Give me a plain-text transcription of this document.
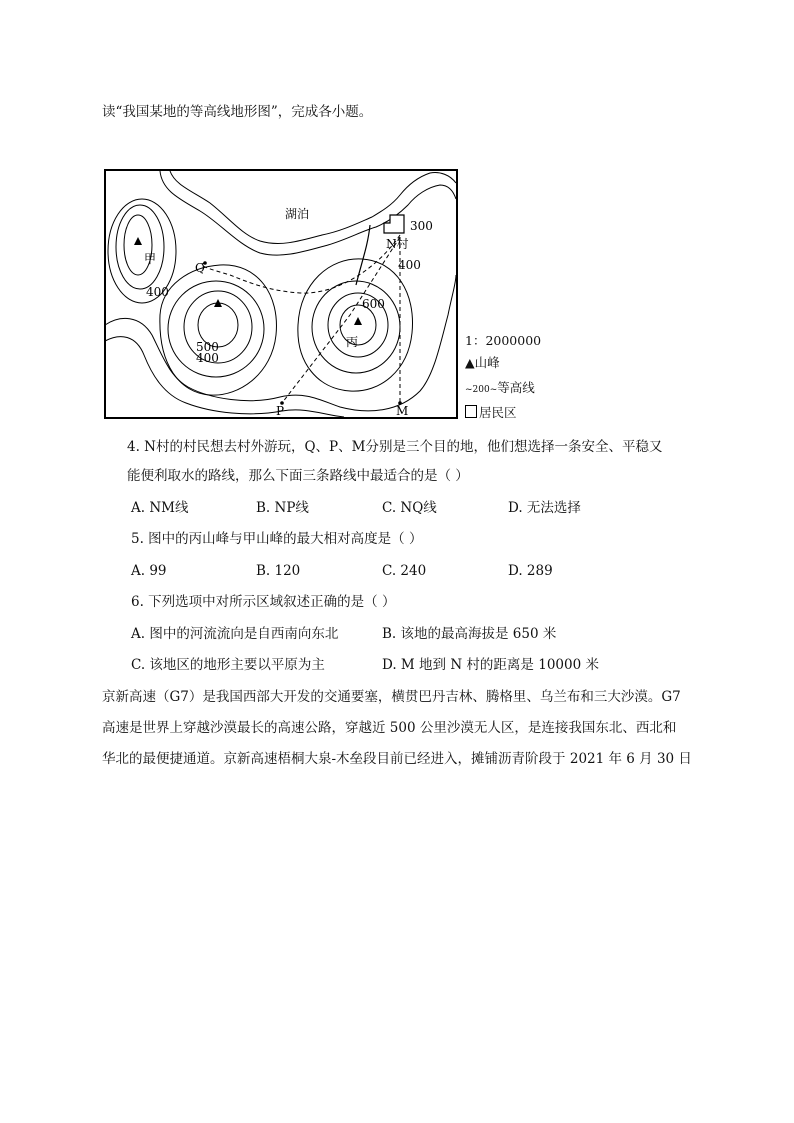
读“我国某地的等高线地形图”，完成各小题。
湖泊
Q
P	M
N村
甲
丙
300
400
400
500
400
600
1：2000000
▲山峰
~200~等高线
居民区
4. N村的村民想去村外游玩，Q、P、M分别是三个目的地，他们想选择一条安全、平稳又
能便利取水的路线，那么下面三条路线中最适合的是（ ）
A. NM线	B. NP线	C. NQ线	D. 无法选择
5. 图中的丙山峰与甲山峰的最大相对高度是（ ）
A. 99	B. 120	C. 240	D. 289
6. 下列选项中对所示区域叙述正确的是（ ）
A. 图中的河流流向是自西南向东北	B. 该地的最高海拔是 650 米
C. 该地区的地形主要以平原为主	D. M 地到 N 村的距离是 10000 米
京新高速（G7）是我国西部大开发的交通要塞，横贯巴丹吉林、腾格里、乌兰布和三大沙漠。G7
高速是世界上穿越沙漠最长的高速公路，穿越近 500 公里沙漠无人区，是连接我国东北、西北和
华北的最便捷通道。京新高速梧桐大泉-木垒段目前已经进入，摊铺沥青阶段于 2021 年 6 月 30 日
